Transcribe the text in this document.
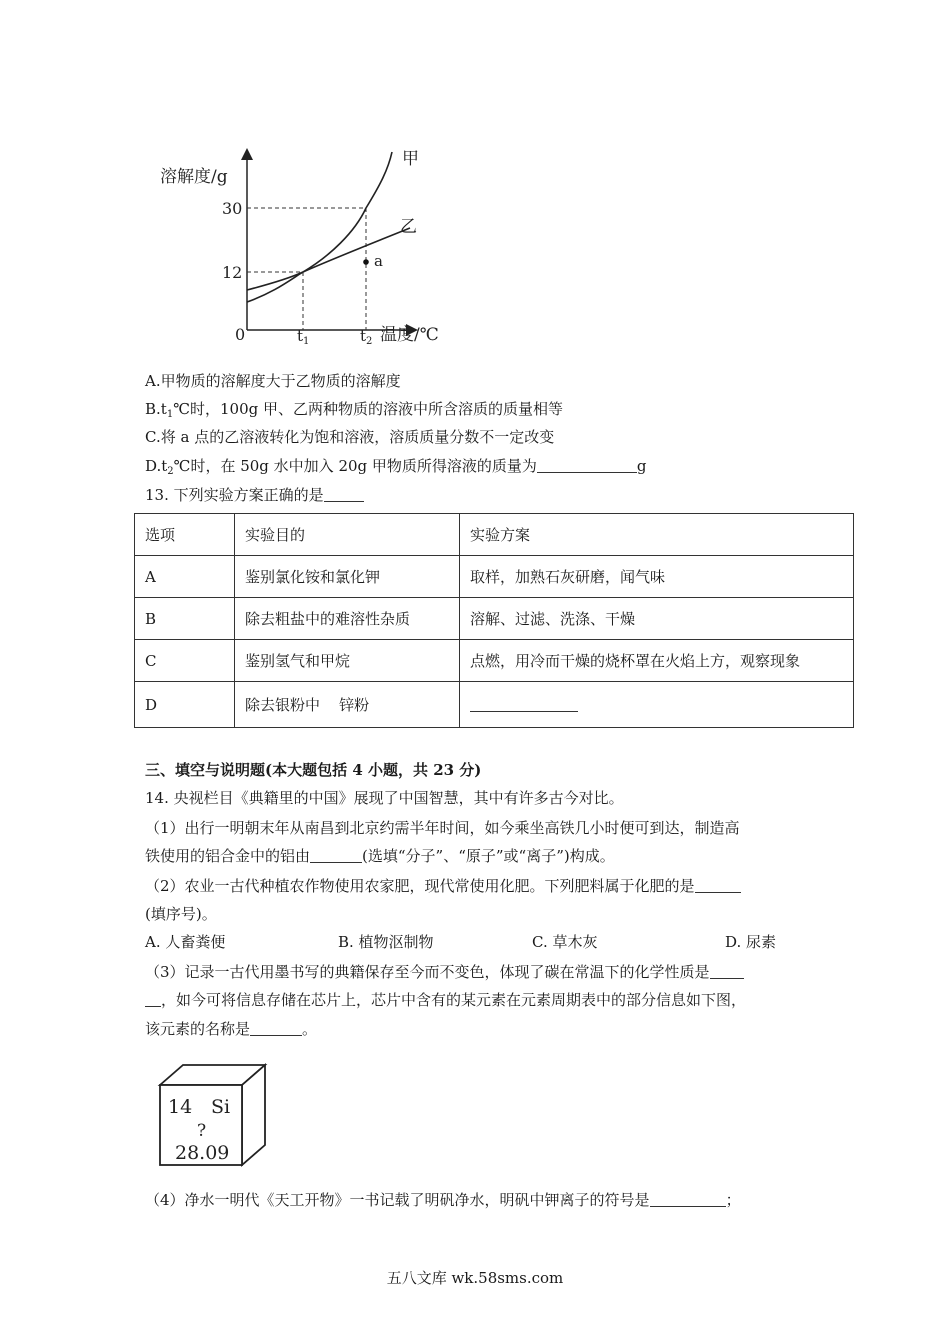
溶解度/g
甲
乙
a
30
12
0	$t_1$	$t_2$ 温度/℃
A.甲物质的溶解度大于乙物质的溶解度
$B.t_1℃$时，100g 甲、乙两种物质的溶液中所含溶质的质量相等
C.将 a 点的乙溶液转化为饱和溶液，溶质质量分数不一定改变
$D.t_2℃$时，在 50g 水中加入 20g 甲物质所得溶液的质量为	g
13. 下列实验方案正确的是
选项	实验目的	实验方案
A	鉴别氯化铵和氯化钾	取样，加熟石灰研磨，闻气味
B	除去粗盐中的难溶性杂质	溶解、过滤、洗涤、干燥
C	鉴别氢气和甲烷	点燃，用冷而干燥的烧杯罩在火焰上方，观察现象
D	除去银粉中    锌粉	
三、填空与说明题(本大题包括 4 小题，共 23 分)
14. 央视栏目《典籍里的中国》展现了中国智慧，其中有许多古今对比。
（1）出行一明朝末年从南昌到北京约需半年时间，如今乘坐高铁几小时便可到达，制造高
铁使用的铝合金中的铝由	(选填“分子”、“原子”或“离子”)构成。
（2）农业一古代种植农作物使用农家肥，现代常使用化肥。下列肥料属于化肥的是
(填序号)。
A. 人畜粪便	B. 植物沤制物	C. 草木灰	D. 尿素
（3）记录一古代用墨书写的典籍保存至今而不变色，体现了碳在常温下的化学性质是
，如今可将信息存储在芯片上，芯片中含有的某元素在元素周期表中的部分信息如下图，
该元素的名称是	。
14 Si
?
28.09
（4）净水一明代《天工开物》一书记载了明矾净水，明矾中钾离子的符号是	；
五八文库 wk.58sms.com
